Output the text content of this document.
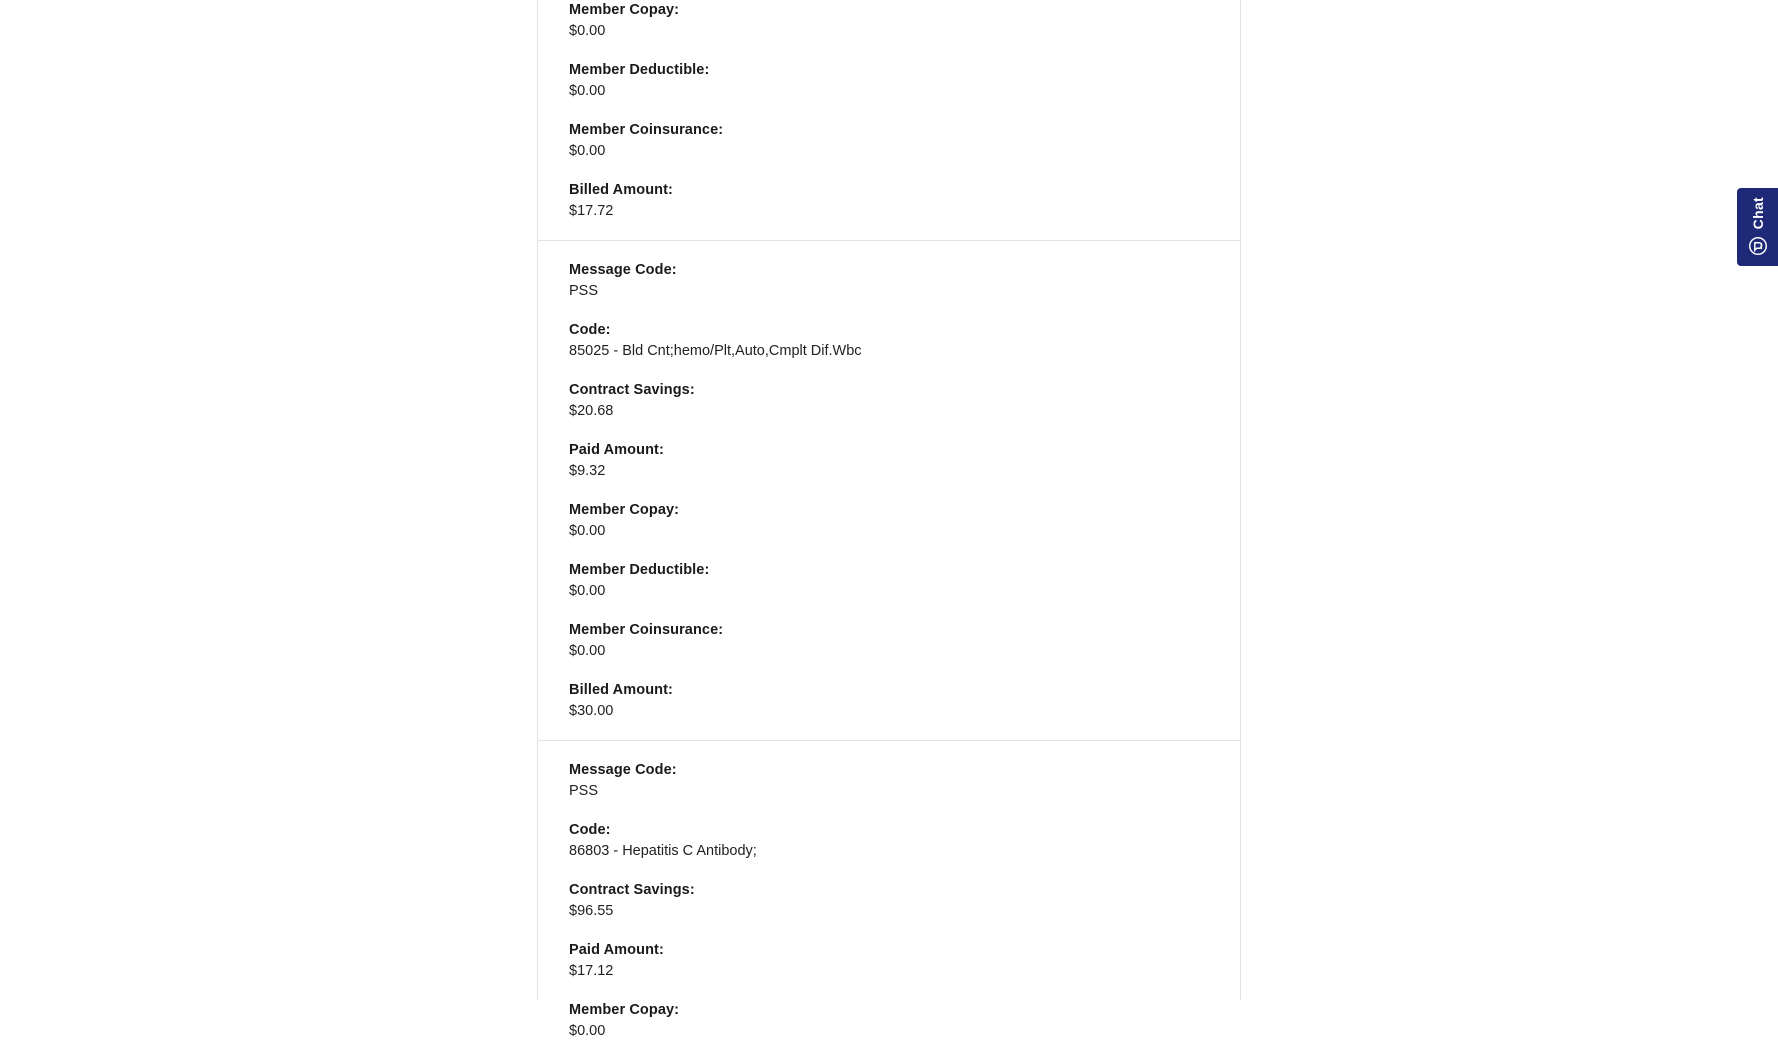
Member Copay:
$0.00
Member Deductible:
$0.00
Member Coinsurance:
$0.00
Billed Amount:
$17.72
Message Code:
PSS
Code:
85025 - Bld Cnt;hemo/Plt,Auto,Cmplt Dif.Wbc
Contract Savings:
$20.68
Paid Amount:
$9.32
Member Copay:
$0.00
Member Deductible:
$0.00
Member Coinsurance:
$0.00
Billed Amount:
$30.00
Message Code:
PSS
Code:
86803 - Hepatitis C Antibody;
Contract Savings:
$96.55
Paid Amount:
$17.12
Member Copay:
$0.00
Chat
